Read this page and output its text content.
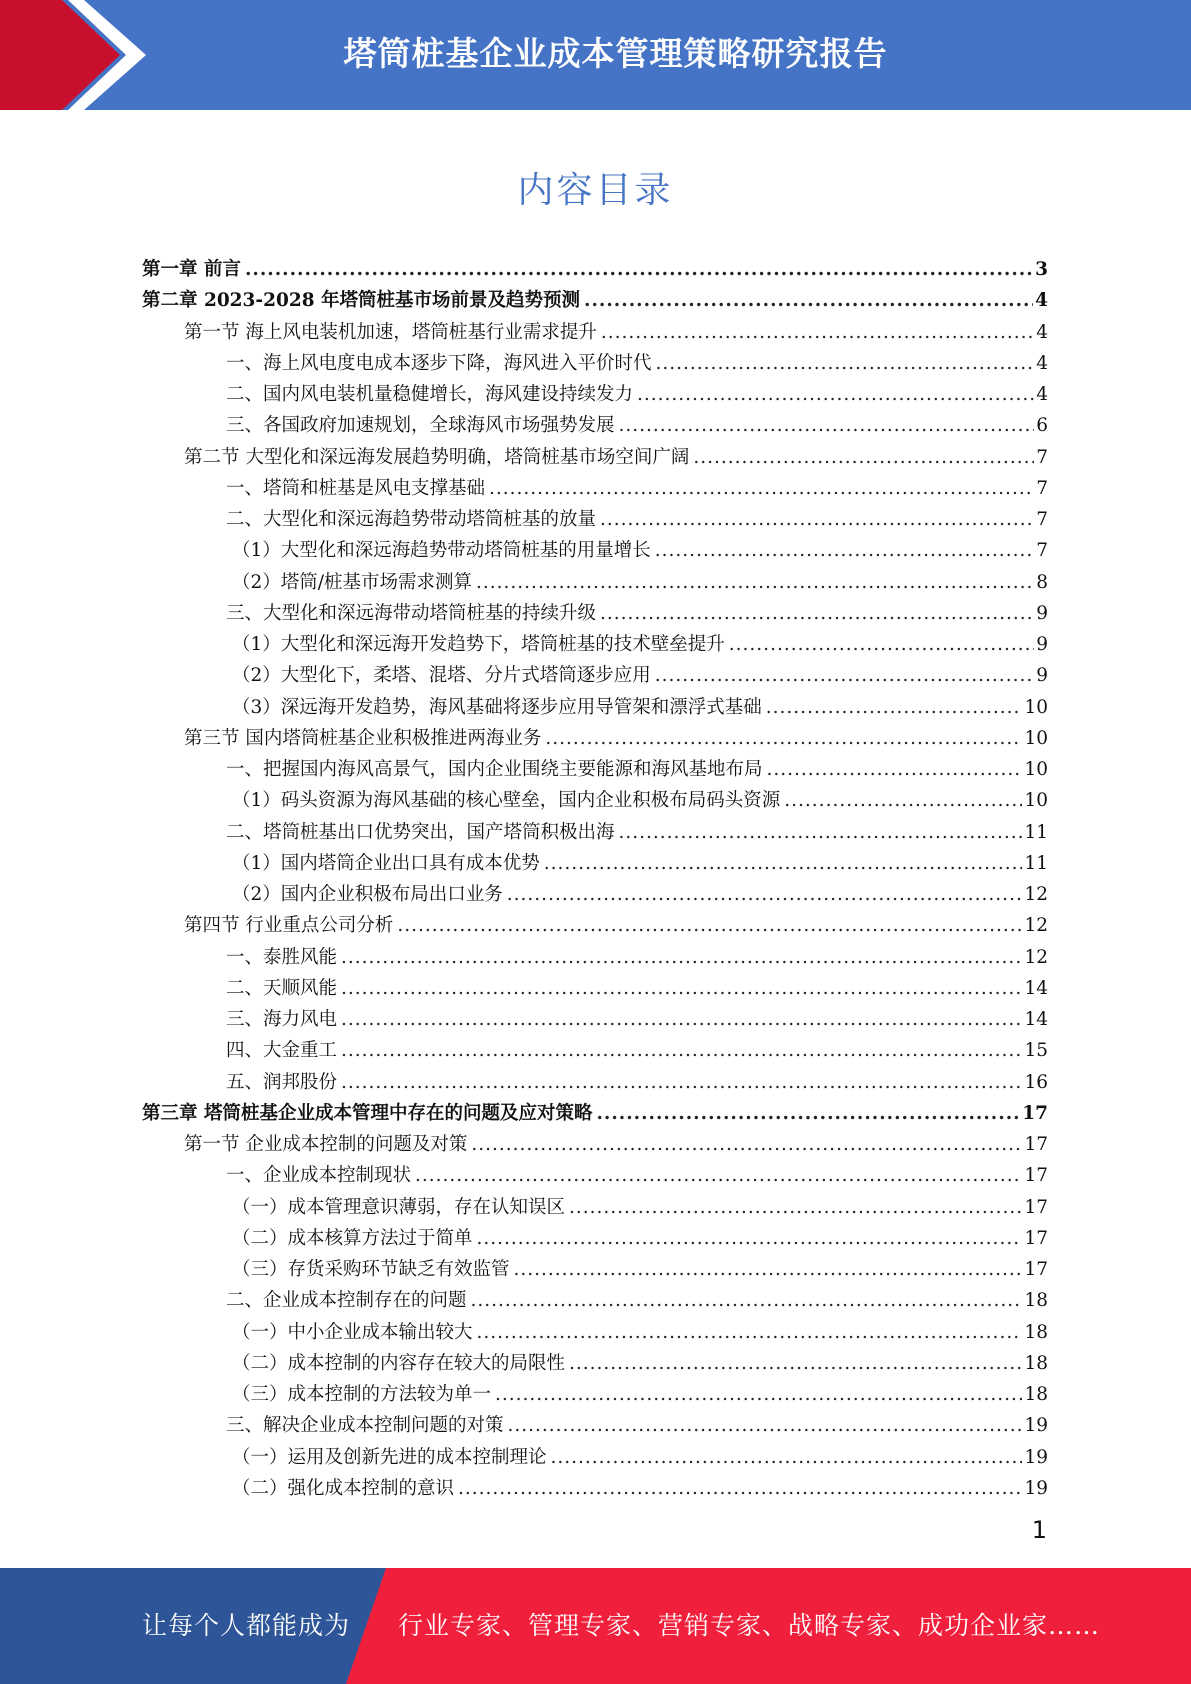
塔筒桩基企业成本管理策略研究报告
内容目录
第一章 前言 .....	3
第二章 2023-2028 年塔筒桩基市场前景及趋势预测 .....	4
第一节 海上风电装机加速，塔筒桩基行业需求提升 .....	4
一、海上风电度电成本逐步下降，海风进入平价时代 .....	4
二、国内风电装机量稳健增长，海风建设持续发力 .....	4
三、各国政府加速规划，全球海风市场强势发展 .....	6
第二节 大型化和深远海发展趋势明确，塔筒桩基市场空间广阔 .....	7
一、塔筒和桩基是风电支撑基础 .....	7
二、大型化和深远海趋势带动塔筒桩基的放量 .....	7
（1）大型化和深远海趋势带动塔筒桩基的用量增长 .....	7
（2）塔筒/桩基市场需求测算 .....	8
三、大型化和深远海带动塔筒桩基的持续升级 .....	9
（1）大型化和深远海开发趋势下，塔筒桩基的技术壁垒提升 .....	9
（2）大型化下，柔塔、混塔、分片式塔筒逐步应用 .....	9
（3）深远海开发趋势，海风基础将逐步应用导管架和漂浮式基础 .....	10
第三节 国内塔筒桩基企业积极推进两海业务 .....	10
一、把握国内海风高景气，国内企业围绕主要能源和海风基地布局 .....	10
（1）码头资源为海风基础的核心壁垒，国内企业积极布局码头资源 .....	10
二、塔筒桩基出口优势突出，国产塔筒积极出海 .....	11
（1）国内塔筒企业出口具有成本优势 .....	11
（2）国内企业积极布局出口业务 .....	12
第四节 行业重点公司分析 .....	12
一、泰胜风能 .....	12
二、天顺风能 .....	14
三、海力风电 .....	14
四、大金重工 .....	15
五、润邦股份 .....	16
第三章 塔筒桩基企业成本管理中存在的问题及应对策略 .....	17
第一节 企业成本控制的问题及对策 .....	17
一、企业成本控制现状 .....	17
（一）成本管理意识薄弱，存在认知误区 .....	17
（二）成本核算方法过于简单 .....	17
（三）存货采购环节缺乏有效监管 .....	17
二、企业成本控制存在的问题 .....	18
（一）中小企业成本输出较大 .....	18
（二）成本控制的内容存在较大的局限性 .....	18
（三）成本控制的方法较为单一 .....	18
三、解决企业成本控制问题的对策 .....	19
（一）运用及创新先进的成本控制理论 .....	19
（二）强化成本控制的意识 .....	19
1
让每个人都能成为 行业专家、管理专家、营销专家、战略专家、成功企业家……
